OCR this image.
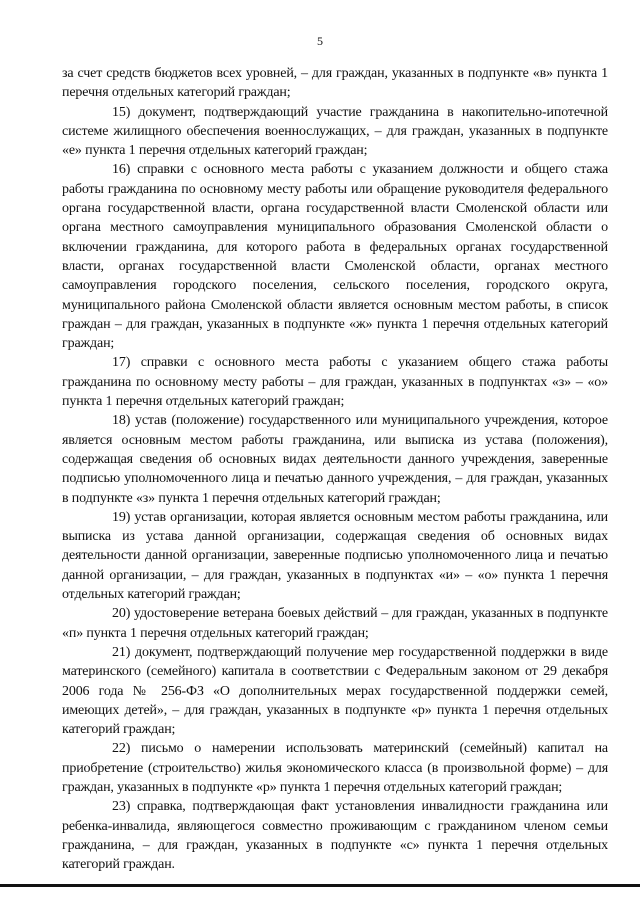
5

за счет средств бюджетов всех уровней, – для граждан, указанных в подпункте «в» пункта 1 перечня отдельных категорий граждан;

15) документ, подтверждающий участие гражданина в накопительно-ипотечной системе жилищного обеспечения военнослужащих, – для граждан, указанных в подпункте «е» пункта 1 перечня отдельных категорий граждан;

16) справки с основного места работы с указанием должности и общего стажа работы гражданина по основному месту работы или обращение руководителя федерального органа государственной власти, органа государственной власти Смоленской области или органа местного самоуправления муниципального образования Смоленской области о включении гражданина, для которого работа в федеральных органах государственной власти, органах государственной власти Смоленской области, органах местного самоуправления городского поселения, сельского поселения, городского округа, муниципального района Смоленской области является основным местом работы, в список граждан – для граждан, указанных в подпункте «ж» пункта 1 перечня отдельных категорий граждан;

17) справки с основного места работы с указанием общего стажа работы гражданина по основному месту работы – для граждан, указанных в подпунктах «з» – «о» пункта 1 перечня отдельных категорий граждан;

18) устав (положение) государственного или муниципального учреждения, которое является основным местом работы гражданина, или выписка из устава (положения), содержащая сведения об основных видах деятельности данного учреждения, заверенные подписью уполномоченного лица и печатью данного учреждения, – для граждан, указанных в подпункте «з» пункта 1 перечня отдельных категорий граждан;

19) устав организации, которая является основным местом работы гражданина, или выписка из устава данной организации, содержащая сведения об основных видах деятельности данной организации, заверенные подписью уполномоченного лица и печатью данной организации, – для граждан, указанных в подпунктах «и» – «о» пункта 1 перечня отдельных категорий граждан;

20) удостоверение ветерана боевых действий – для граждан, указанных в подпункте «п» пункта 1 перечня отдельных категорий граждан;

21) документ, подтверждающий получение мер государственной поддержки в виде материнского (семейного) капитала в соответствии с Федеральным законом от 29 декабря 2006 года № 256-ФЗ «О дополнительных мерах государственной поддержки семей, имеющих детей», – для граждан, указанных в подпункте «р» пункта 1 перечня отдельных категорий граждан;

22) письмо о намерении использовать материнский (семейный) капитал на приобретение (строительство) жилья экономического класса (в произвольной форме) – для граждан, указанных в подпункте «р» пункта 1 перечня отдельных категорий граждан;

23) справка, подтверждающая факт установления инвалидности гражданина или ребенка-инвалида, являющегося совместно проживающим с гражданином членом семьи гражданина, – для граждан, указанных в подпункте «с» пункта 1 перечня отдельных категорий граждан.
